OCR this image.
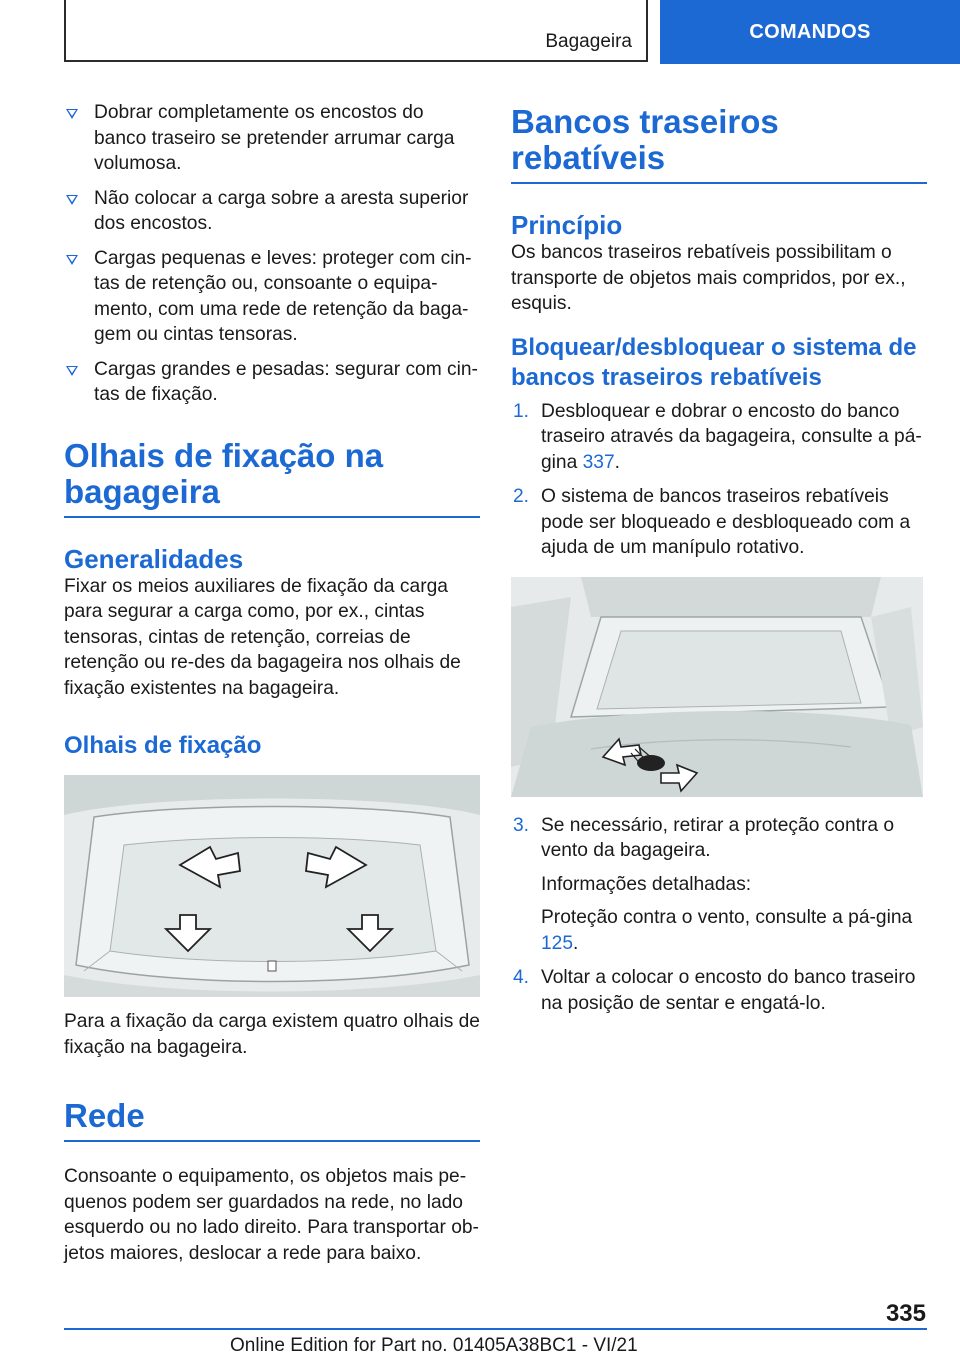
Bagageira	COMANDOS
Dobrar completamente os encostos do banco traseiro se pretender arrumar carga volumosa.
Não colocar a carga sobre a aresta superior dos encostos.
Cargas pequenas e leves: proteger com cin-tas de retenção ou, consoante o equipa-mento, com uma rede de retenção da baga-gem ou cintas tensoras.
Cargas grandes e pesadas: segurar com cin-tas de fixação.
Olhais de fixação na bagageira
Generalidades

Fixar os meios auxiliares de fixação da carga para segurar a carga como, por ex., cintas tensoras, cintas de retenção, correias de retenção ou re-des da bagageira nos olhais de fixação existentes na bagageira.

Olhais de fixação

Para a fixação da carga existem quatro olhais de fixação na bagageira.

Rede

Consoante o equipamento, os objetos mais pe-quenos podem ser guardados na rede, no lado esquerdo ou no lado direito. Para transportar ob-jetos maiores, deslocar a rede para baixo.

Bancos traseiros rebatíveis
Princípio

Os bancos traseiros rebatíveis possibilitam o transporte de objetos mais compridos, por ex., esquis.

Bloquear/desbloquear o sistema de bancos traseiros rebatíveis
1. Desbloquear e dobrar o encosto do banco traseiro através da bagageira, consulte a pá-gina 337.
2. O sistema de bancos traseiros rebatíveis pode ser bloqueado e desbloqueado com a ajuda de um manípulo rotativo.
3. Se necessário, retirar a proteção contra o vento da bagageira.
Informações detalhadas:
Proteção contra o vento, consulte a pá-gina 125.
4. Voltar a colocar o encosto do banco traseiro na posição de sentar e engatá-lo.
335
Online Edition for Part no. 01405A38BC1 - VI/21
